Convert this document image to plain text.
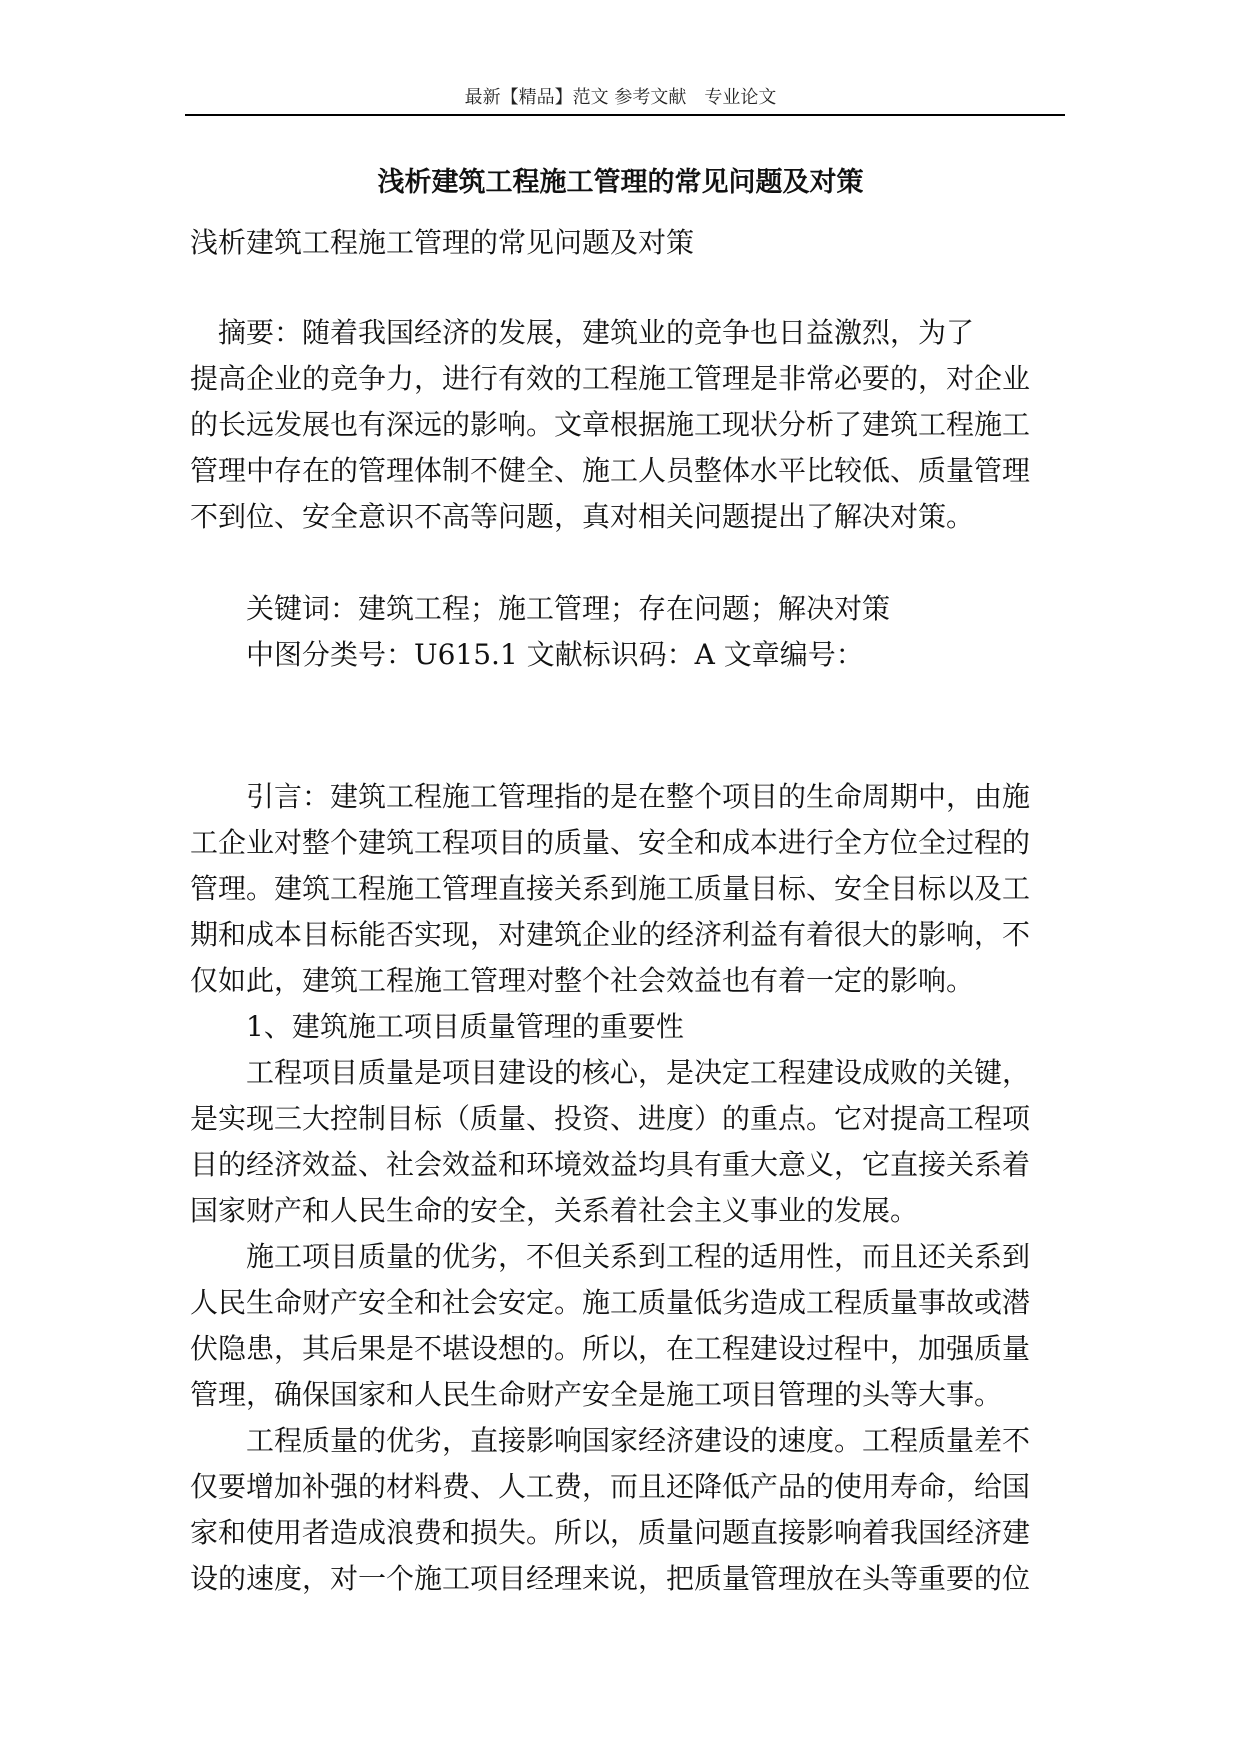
最新【精品】范文 参考文献　专业论文
浅析建筑工程施工管理的常见问题及对策
浅析建筑工程施工管理的常见问题及对策
　摘要：随着我国经济的发展，建筑业的竞争也日益激烈，为了
提高企业的竞争力，进行有效的工程施工管理是非常必要的，对企业
的长远发展也有深远的影响。文章根据施工现状分析了建筑工程施工
管理中存在的管理体制不健全、施工人员整体水平比较低、质量管理
不到位、安全意识不高等问题，真对相关问题提出了解决对策。
　　关键词：建筑工程；施工管理；存在问题；解决对策
　　中图分类号：U615.1 文献标识码：A 文章编号：
　　引言：建筑工程施工管理指的是在整个项目的生命周期中，由施
工企业对整个建筑工程项目的质量、安全和成本进行全方位全过程的
管理。建筑工程施工管理直接关系到施工质量目标、安全目标以及工
期和成本目标能否实现，对建筑企业的经济利益有着很大的影响，不
仅如此，建筑工程施工管理对整个社会效益也有着一定的影响。
　　1、建筑施工项目质量管理的重要性
　　工程项目质量是项目建设的核心，是决定工程建设成败的关键，
是实现三大控制目标（质量、投资、进度）的重点。它对提高工程项
目的经济效益、社会效益和环境效益均具有重大意义，它直接关系着
国家财产和人民生命的安全，关系着社会主义事业的发展。
　　施工项目质量的优劣，不但关系到工程的适用性，而且还关系到
人民生命财产安全和社会安定。施工质量低劣造成工程质量事故或潜
伏隐患，其后果是不堪设想的。所以，在工程建设过程中，加强质量
管理，确保国家和人民生命财产安全是施工项目管理的头等大事。
　　工程质量的优劣，直接影响国家经济建设的速度。工程质量差不
仅要增加补强的材料费、人工费，而且还降低产品的使用寿命，给国
家和使用者造成浪费和损失。所以，质量问题直接影响着我国经济建
设的速度，对一个施工项目经理来说，把质量管理放在头等重要的位
